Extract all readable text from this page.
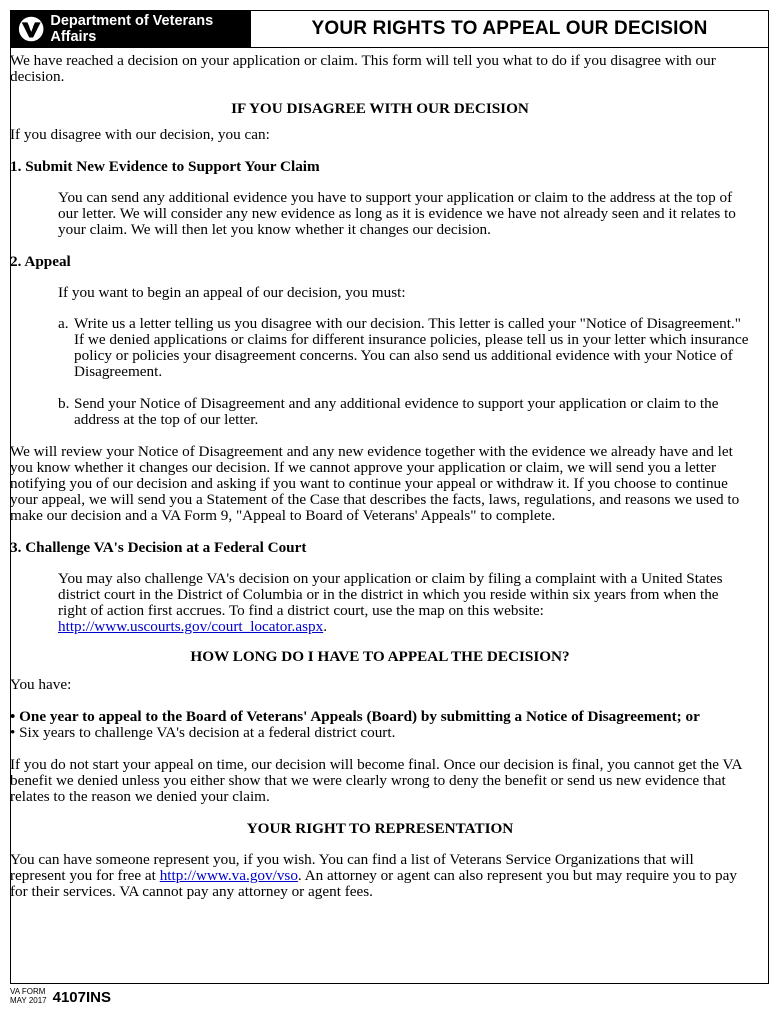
Department of Veterans Affairs	YOUR RIGHTS TO APPEAL OUR DECISION

We have reached a decision on your application or claim. This form will tell you what to do if you disagree with our decision.

IF YOU DISAGREE WITH OUR DECISION

If you disagree with our decision, you can:

1. Submit New Evidence to Support Your Claim

You can send any additional evidence you have to support your application or claim to the address at the top of our letter. We will consider any new evidence as long as it is evidence we have not already seen and it relates to your claim. We will then let you know whether it changes our decision.

2. Appeal

If you want to begin an appeal of our decision, you must:

a. Write us a letter telling us you disagree with our decision. This letter is called your "Notice of Disagreement." If we denied applications or claims for different insurance policies, please tell us in your letter which insurance policy or policies your disagreement concerns. You can also send us additional evidence with your Notice of Disagreement.
b. Send your Notice of Disagreement and any additional evidence to support your application or claim to the address at the top of our letter.

We will review your Notice of Disagreement and any new evidence together with the evidence we already have and let you know whether it changes our decision. If we cannot approve your application or claim, we will send you a letter notifying you of our decision and asking if you want to continue your appeal or withdraw it. If you choose to continue your appeal, we will send you a Statement of the Case that describes the facts, laws, regulations, and reasons we used to make our decision and a VA Form 9, "Appeal to Board of Veterans' Appeals" to complete.

3. Challenge VA's Decision at a Federal Court

You may also challenge VA's decision on your application or claim by filing a complaint with a United States district court in the District of Columbia or in the district in which you reside within six years from when the right of action first accrues. To find a district court, use the map on this website: http://www.uscourts.gov/court_locator.aspx.

HOW LONG DO I HAVE TO APPEAL THE DECISION?

You have:

• One year to appeal to the Board of Veterans' Appeals (Board) by submitting a Notice of Disagreement; or

• Six years to challenge VA's decision at a federal district court.

If you do not start your appeal on time, our decision will become final. Once our decision is final, you cannot get the VA benefit we denied unless you either show that we were clearly wrong to deny the benefit or send us new evidence that relates to the reason we denied your claim.

YOUR RIGHT TO REPRESENTATION

You can have someone represent you, if you wish. You can find a list of Veterans Service Organizations that will represent you for free at http://www.va.gov/vso. An attorney or agent can also represent you but may require you to pay for their services. VA cannot pay any attorney or agent fees.

VA FORM
MAY 2017 4107INS
